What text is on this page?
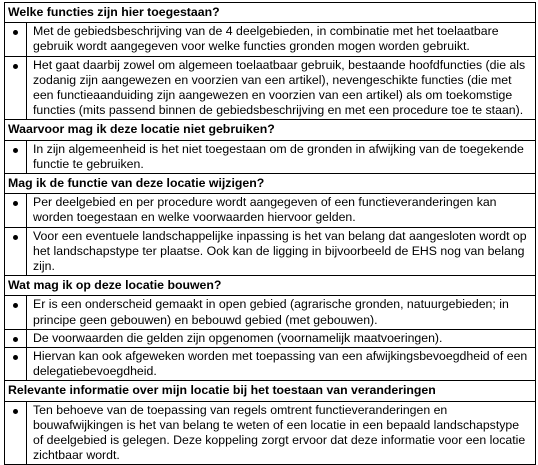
Welke functies zijn hier toegestaan?	
	Met de gebiedsbeschrijving van de 4 deelgebieden, in combinatie met het toelaatbare gebruik wordt aangegeven voor welke functies gronden mogen worden gebruikt.
	Het gaat daarbij zowel om algemeen toelaatbaar gebruik, bestaande hoofdfuncties (die als zodanig zijn aangewezen en voorzien van een artikel), nevengeschikte functies (die met een functieaanduiding zijn aangewezen en voorzien van een artikel) als om toekomstige functies (mits passend binnen de gebiedsbeschrijving en met een procedure toe te staan).
Waarvoor mag ik deze locatie niet gebruiken?	
	In zijn algemeenheid is het niet toegestaan om de gronden in afwijking van de toegekende functie te gebruiken.
Mag ik de functie van deze locatie wijzigen?	
	Per deelgebied en per procedure wordt aangegeven of een functieveranderingen kan worden toegestaan en welke voorwaarden hiervoor gelden.
	Voor een eventuele landschappelijke inpassing is het van belang dat aangesloten wordt op het landschapstype ter plaatse. Ook kan de ligging in bijvoorbeeld de EHS nog van belang zijn.
Wat mag ik op deze locatie bouwen?	
	Er is een onderscheid gemaakt in open gebied (agrarische gronden, natuurgebieden; in principe geen gebouwen) en bebouwd gebied (met gebouwen).
	De voorwaarden die gelden zijn opgenomen (voornamelijk maatvoeringen).
	Hiervan kan ook afgeweken worden met toepassing van een afwijkingsbevoegdheid of een delegatiebevoegdheid.
Relevante informatie over mijn locatie bij het toestaan van veranderingen	
	Ten behoeve van de toepassing van regels omtrent functieveranderingen en bouwafwijkingen is het van belang te weten of een locatie in een bepaald landschapstype of deelgebied is gelegen. Deze koppeling zorgt ervoor dat deze informatie voor een locatie zichtbaar wordt.
